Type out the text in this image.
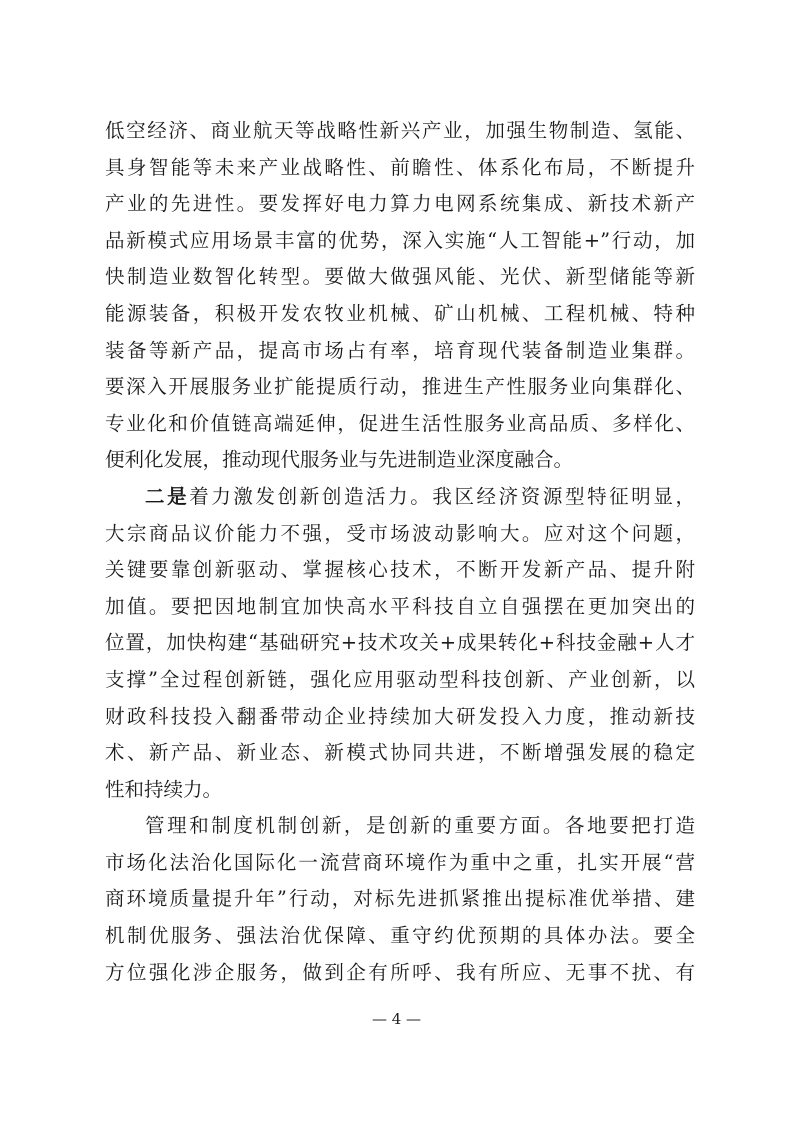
低空经济、商业航天等战略性新兴产业，加强生物制造、氢能、
具身智能等未来产业战略性、前瞻性、体系化布局，不断提升
产业的先进性。要发挥好电力算力电网系统集成、新技术新产
品新模式应用场景丰富的优势，深入实施“人工智能+”行动，加
快制造业数智化转型。要做大做强风能、光伏、新型储能等新
能源装备，积极开发农牧业机械、矿山机械、工程机械、特种
装备等新产品，提高市场占有率，培育现代装备制造业集群。
要深入开展服务业扩能提质行动，推进生产性服务业向集群化、
专业化和价值链高端延伸，促进生活性服务业高品质、多样化、
便利化发展，推动现代服务业与先进制造业深度融合。
二是着力激发创新创造活力。我区经济资源型特征明显，
大宗商品议价能力不强，受市场波动影响大。应对这个问题，
关键要靠创新驱动、掌握核心技术，不断开发新产品、提升附
加值。要把因地制宜加快高水平科技自立自强摆在更加突出的
位置，加快构建“基础研究+技术攻关+成果转化+科技金融+人才
支撑”全过程创新链，强化应用驱动型科技创新、产业创新，以
财政科技投入翻番带动企业持续加大研发投入力度，推动新技
术、新产品、新业态、新模式协同共进，不断增强发展的稳定
性和持续力。
管理和制度机制创新，是创新的重要方面。各地要把打造
市场化法治化国际化一流营商环境作为重中之重，扎实开展“营
商环境质量提升年”行动，对标先进抓紧推出提标准优举措、建
机制优服务、强法治优保障、重守约优预期的具体办法。要全
方位强化涉企服务，做到企有所呼、我有所应、无事不扰、有
— 4 —
